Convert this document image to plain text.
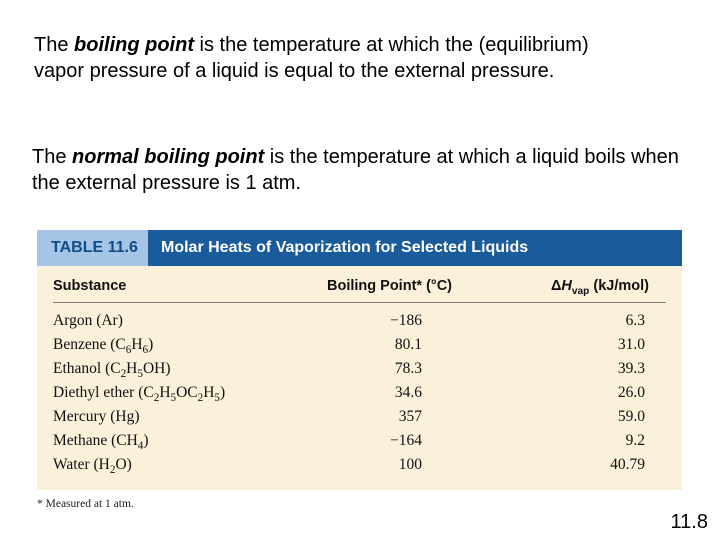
The boiling point is the temperature at which the (equilibrium) vapor pressure of a liquid is equal to the external pressure.

The normal boiling point is the temperature at which a liquid boils when the external pressure is 1 atm.

TABLE 11.6	Molar Heats of Vaporization for Selected Liquids
Substance	Boiling Point* (°C)	$\Delta H_{vap}$ (kJ/mol)
Argon (Ar)	−186	6.3
Benzene $(C_6H_6)$	80.1	31.0
Ethanol $(C_2H_5OH)$	78.3	39.3
Diethyl ether $(C_2H_5OC_2H_5)$	34.6	26.0
Mercury (Hg)	357	59.0
Methane $(CH_4)$	−164	9.2
Water $(H_2O)$	100	40.79
* Measured at 1 atm.
11.8
